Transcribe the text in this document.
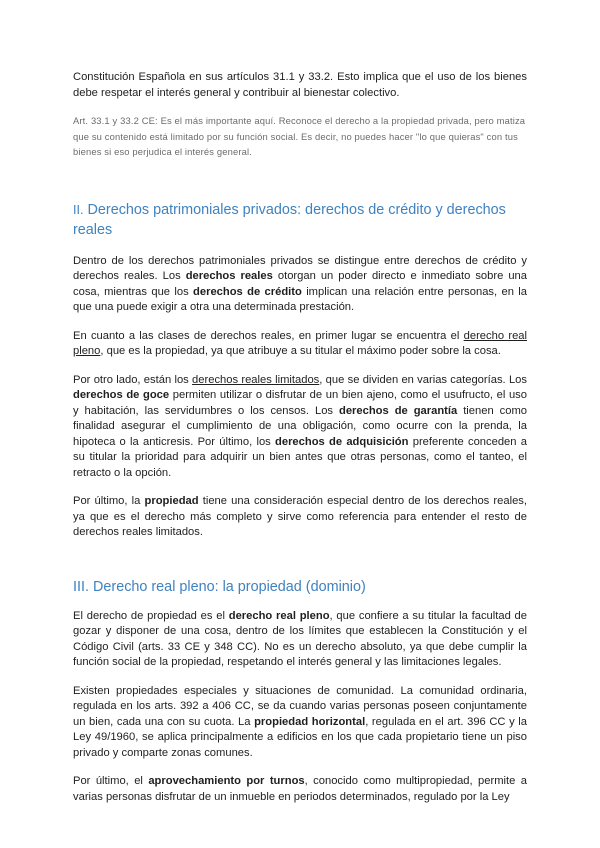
Constitución Española en sus artículos 31.1 y 33.2. Esto implica que el uso de los bienes debe respetar el interés general y contribuir al bienestar colectivo.

Art. 33.1 y 33.2 CE: Es el más importante aquí. Reconoce el derecho a la propiedad privada, pero matiza que su contenido está limitado por su función social. Es decir, no puedes hacer "lo que quieras" con tus bienes si eso perjudica el interés general.

II. Derechos patrimoniales privados: derechos de crédito y derechos reales

Dentro de los derechos patrimoniales privados se distingue entre derechos de crédito y derechos reales. Los derechos reales otorgan un poder directo e inmediato sobre una cosa, mientras que los derechos de crédito implican una relación entre personas, en la que una puede exigir a otra una determinada prestación.

En cuanto a las clases de derechos reales, en primer lugar se encuentra el derecho real pleno, que es la propiedad, ya que atribuye a su titular el máximo poder sobre la cosa.

Por otro lado, están los derechos reales limitados, que se dividen en varias categorías. Los derechos de goce permiten utilizar o disfrutar de un bien ajeno, como el usufructo, el uso y habitación, las servidumbres o los censos. Los derechos de garantía tienen como finalidad asegurar el cumplimiento de una obligación, como ocurre con la prenda, la hipoteca o la anticresis. Por último, los derechos de adquisición preferente conceden a su titular la prioridad para adquirir un bien antes que otras personas, como el tanteo, el retracto o la opción.

Por último, la propiedad tiene una consideración especial dentro de los derechos reales, ya que es el derecho más completo y sirve como referencia para entender el resto de derechos reales limitados.

III. Derecho real pleno: la propiedad (dominio)

El derecho de propiedad es el derecho real pleno, que confiere a su titular la facultad de gozar y disponer de una cosa, dentro de los límites que establecen la Constitución y el Código Civil (arts. 33 CE y 348 CC). No es un derecho absoluto, ya que debe cumplir la función social de la propiedad, respetando el interés general y las limitaciones legales.

Existen propiedades especiales y situaciones de comunidad. La comunidad ordinaria, regulada en los arts. 392 a 406 CC, se da cuando varias personas poseen conjuntamente un bien, cada una con su cuota. La propiedad horizontal, regulada en el art. 396 CC y la Ley 49/1960, se aplica principalmente a edificios en los que cada propietario tiene un piso privado y comparte zonas comunes.

Por último, el aprovechamiento por turnos, conocido como multipropiedad, permite a varias personas disfrutar de un inmueble en periodos determinados, regulado por la Ley
